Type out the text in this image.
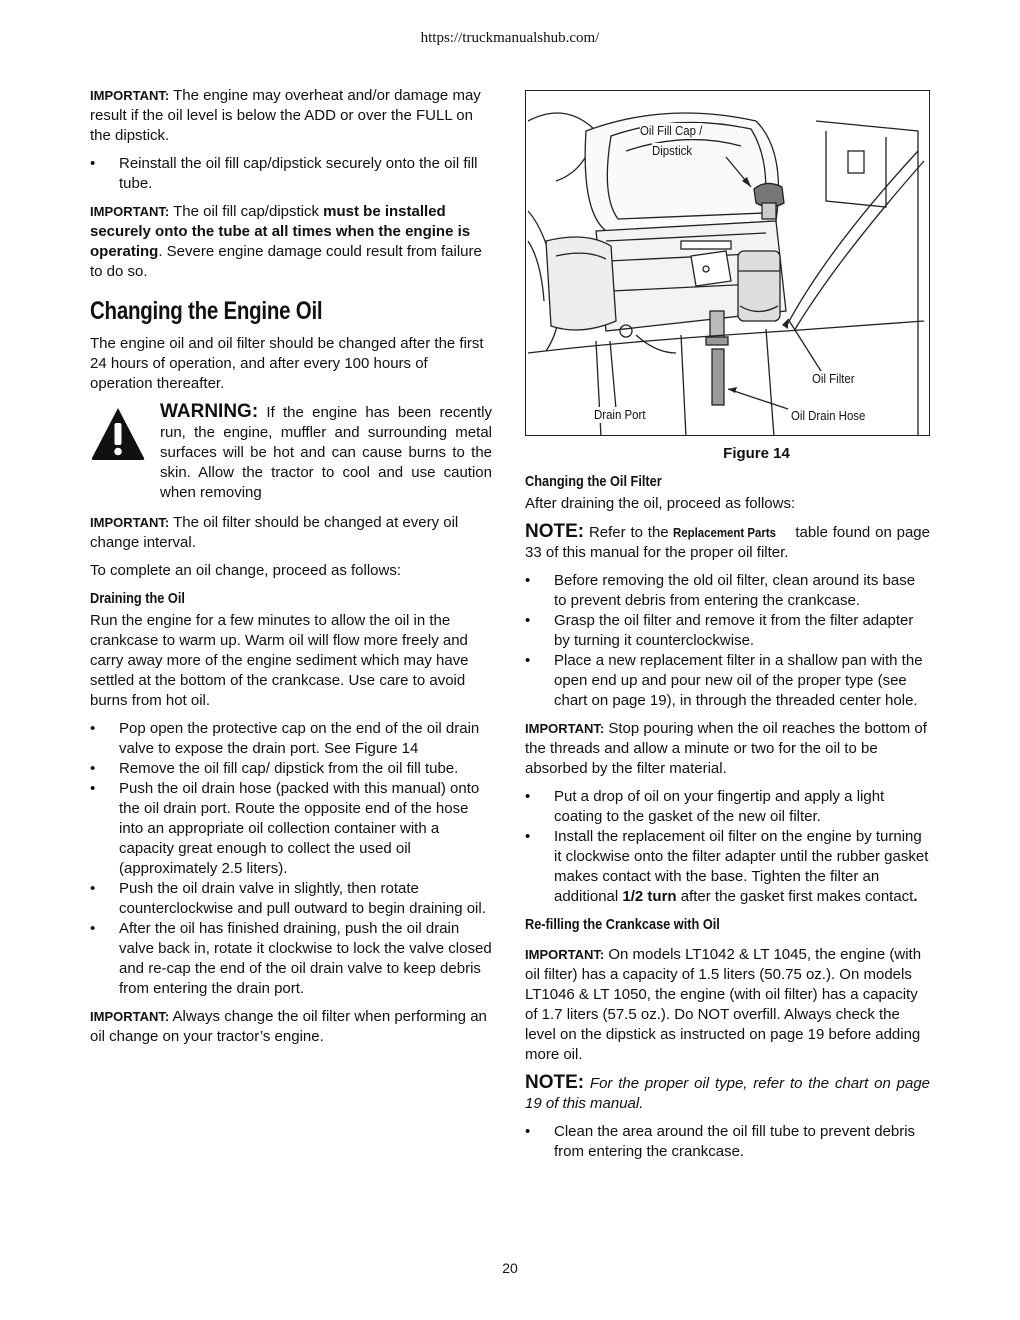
https://truckmanualshub.com/

IMPORTANT: The engine may overheat and/or damage may result if the oil level is below the ADD or over the FULL on the dipstick.

• Reinstall the oil fill cap/dipstick securely onto the oil fill tube.

IMPORTANT: The oil fill cap/dipstick must be installed securely onto the tube at all times when the engine is operating. Severe engine damage could result from failure to do so.

Changing the Engine Oil

The engine oil and oil filter should be changed after the first 24 hours of operation, and after every 100 hours of operation thereafter.

WARNING: If the engine has been recently run, the engine, muffler and surrounding metal surfaces will be hot and can cause burns to the skin. Allow the tractor to cool and use caution when removing

IMPORTANT: The oil filter should be changed at every oil change interval.

To complete an oil change, proceed as follows:

Draining the Oil

Run the engine for a few minutes to allow the oil in the crankcase to warm up. Warm oil will flow more freely and carry away more of the engine sediment which may have settled at the bottom of the crankcase. Use care to avoid burns from hot oil.

• Pop open the protective cap on the end of the oil drain valve to expose the drain port. See Figure 14
• Remove the oil fill cap/ dipstick from the oil fill tube.
• Push the oil drain hose (packed with this manual) onto the oil drain port. Route the opposite end of the hose into an appropriate oil collection container with a capacity great enough to collect the used oil (approximately 2.5 liters).
• Push the oil drain valve in slightly, then rotate counterclockwise and pull outward to begin draining oil.
• After the oil has finished draining, push the oil drain valve back in, rotate it clockwise to lock the valve closed and re-cap the end of the oil drain valve to keep debris from entering the drain port.

IMPORTANT: Always change the oil filter when performing an oil change on your tractor’s engine.

Oil Fill Cap /
Dipstick
Oil Filter
Drain Port	Oil Drain Hose
Figure 14
Changing the Oil Filter

After draining the oil, proceed as follows:

NOTE: Refer to the Replacement Parts table found on page 33 of this manual for the proper oil filter.

• Before removing the old oil filter, clean around its base to prevent debris from entering the crankcase.
• Grasp the oil filter and remove it from the filter adapter by turning it counterclockwise.
• Place a new replacement filter in a shallow pan with the open end up and pour new oil of the proper type (see chart on page 19), in through the threaded center hole.

IMPORTANT: Stop pouring when the oil reaches the bottom of the threads and allow a minute or two for the oil to be absorbed by the filter material.

• Put a drop of oil on your fingertip and apply a light coating to the gasket of the new oil filter.
• Install the replacement oil filter on the engine by turning it clockwise onto the filter adapter until the rubber gasket makes contact with the base. Tighten the filter an additional 1/2 turn after the gasket first makes contact.
Re-filling the Crankcase with Oil

IMPORTANT: On models LT1042 & LT 1045, the engine (with oil filter) has a capacity of 1.5 liters (50.75 oz.). On models LT1046 & LT 1050, the engine (with oil filter) has a capacity of 1.7 liters (57.5 oz.). Do NOT overfill. Always check the level on the dipstick as instructed on page 19 before adding more oil.

NOTE: For the proper oil type, refer to the chart on page 19 of this manual.

• Clean the area around the oil fill tube to prevent debris from entering the crankcase.
20
